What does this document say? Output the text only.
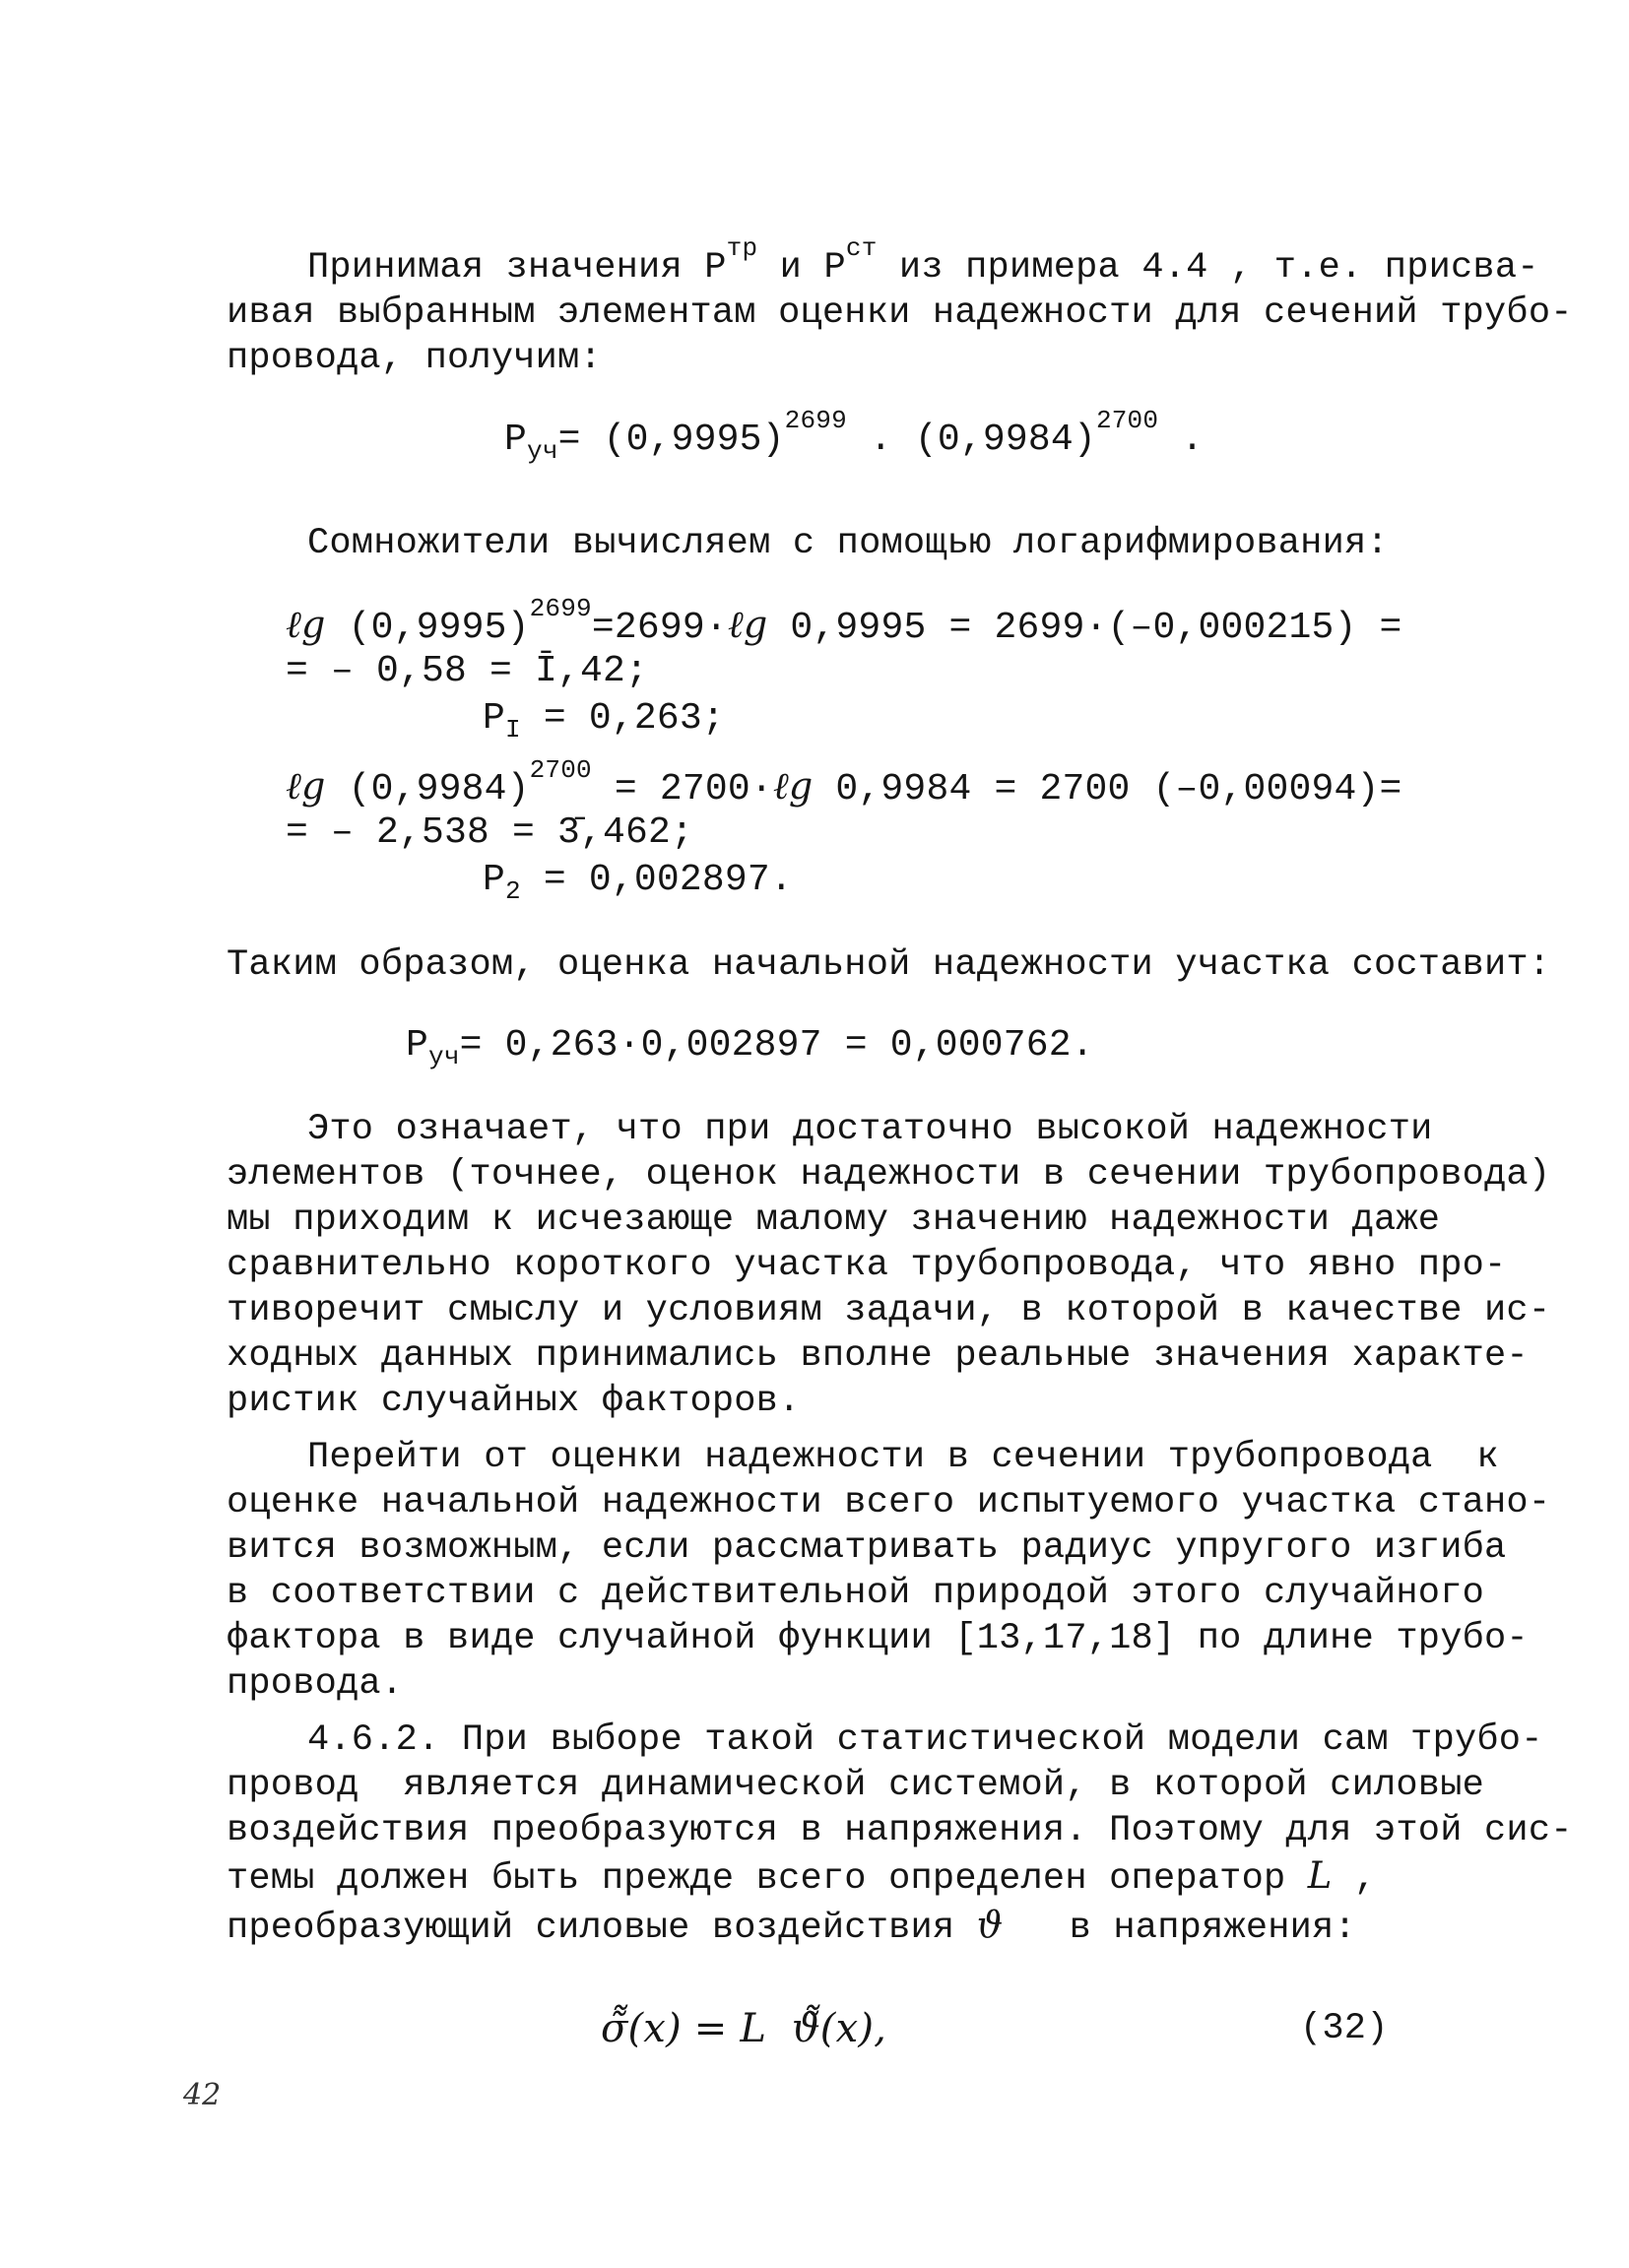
Принимая значения $P^{тр}$ и $P^{ст}$ из примера 4.4 , т.е. присва-
ивая выбранным элементам оценки надежности для сечений трубо-
провода, получим:
$P_{уч}= (0,9995)^{2699}$ . $(0,9984)^{2700}$ .
Сомножители вычисляем с помощью логарифмирования:
ℓg $(0,9995)^{2699}=2699\cdot\ell g$ 0,9995 = 2699·(–0,000215) =
= – 0,58 = Ī,42;
$P_I = 0,263$;
ℓg $(0,9984)^{2700}$ = 2700·ℓg 0,9984 = 2700 (–0,00094)=
= – 2,538 = 3̄,462;
$P_2 = 0,002897$.
Таким образом, оценка начальной надежности участка составит:
$P_{уч}= 0,263\cdot 0,002897 = 0,000762$.
Это означает, что при достаточно высокой надежности
элементов (точнее, оценок надежности в сечении трубопровода)
мы приходим к исчезающе малому значению надежности даже
сравнительно короткого участка трубопровода, что явно про-
тиворечит смыслу и условиям задачи, в которой в качестве ис-
ходных данных принимались вполне реальные значения характе-
ристик случайных факторов.
Перейти от оценки надежности в сечении трубопровода  к
оценке начальной надежности всего испытуемого участка стано-
вится возможным, если рассматривать радиус упругого изгиба
в соответствии с действительной природой этого случайного
фактора в виде случайной функции [13,17,18] по длине трубо-
провода.
4.6.2. При выборе такой статистической модели сам трубо-
провод  является динамической системой, в которой силовые
воздействия преобразуются в напряжения. Поэтому для этой сис-
темы должен быть прежде всего определен оператор L ,
преобразующий силовые воздействия ϑ   в напряжения:
σ̃̃(x) = L  ϑ̃̃(x),	(32)
42
